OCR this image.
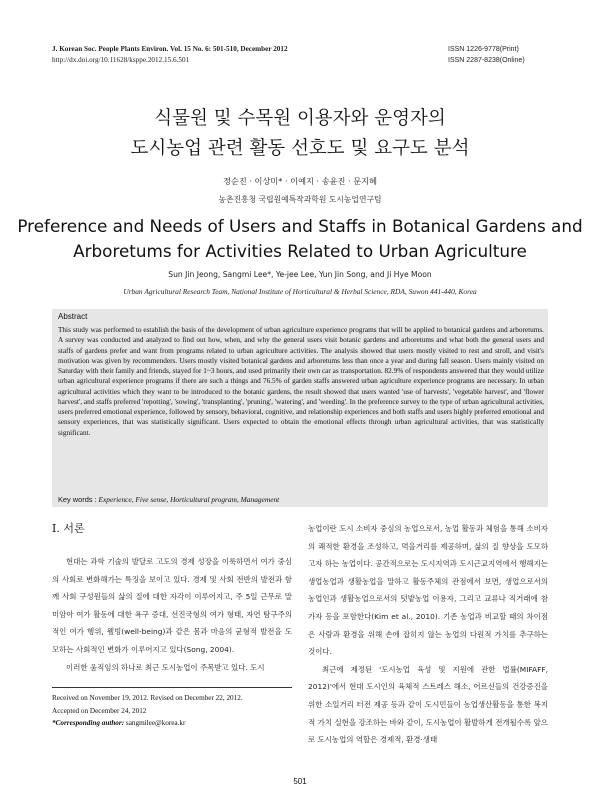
J. Korean Soc. People Plants Environ. Vol. 15 No. 6: 501-510, December 2012
http://dx.doi.org/10.11628/ksppe.2012.15.6.501
ISSN 1226-9778(Print)
ISSN 2287-8238(Online)
식물원 및 수목원 이용자와 운영자의
도시농업 관련 활동 선호도 및 요구도 분석
정순진 · 이상미* · 이예지 · 송윤진 · 문지혜
농촌진흥청 국립원예특작과학원 도시농업연구팀
Preference and Needs of Users and Staffs in Botanical Gardens and
Arboretums for Activities Related to Urban Agriculture
Sun Jin Jeong, Sangmi Lee*, Ye-jee Lee, Yun Jin Song, and Ji Hye Moon
Urban Agricultural Research Team, National Institute of Horticultural & Herbal Science, RDA, Suwon 441-440, Korea
Abstract
This study was performed to establish the basis of the development of urban agriculture experience programs that will be applied to botanical gardens and arboretums. A survey was conducted and analyzed to find out how, when, and why the general users visit botanic gardens and arboretums and what both the general users and staffs of gardens prefer and want from programs related to urban agriculture activities. The analysis showed that users mostly visited to rest and stroll, and visit's motivation was given by recommenders. Users mostly visited botanical gardens and arboretums less than once a year and during fall season. Users mainly visited on Saturday with their family and friends, stayed for 1~3 hours, and used primarily their own car as transportation. 82.9% of respondents answered that they would utilize urban agricultural experience programs if there are such a things and 76.5% of garden staffs answered urban agriculture experience programs are necessary. In urban agricultural activities which they want to be introduced to the botanic gardens, the result showed that users wanted 'use of harvests', 'vegetable harvest', and 'flower harvest', and staffs preferred 'repotting', 'sowing', 'transplanting', 'pruning', 'watering', and 'weeding'. In the preference survey to the type of urban agricultural activities, users preferred emotional experience, followed by sensory, behavioral, cognitive, and relationship experiences and both staffs and users highly preferred emotional and sensory experiences, that was statistically significant. Users expected to obtain the emotional effects through urban agricultural activities, that was statistically significant.
Key words : Experience, Five sense, Horticultural program, Management
Ⅰ. 서론

현대는 과학 기술의 발달로 고도의 경제 성장을 이룩하면서 여가 중심의 사회로 변화해가는 특징을 보이고 있다. 경제 및 사회 전반의 발전과 함께 사회 구성원들의 삶의 질에 대한 자각이 이루어지고, 주 5일 근무로 말미암아 여가 활동에 대한 욕구 증대, 선진국형의 여가 형태, 자연 탐구주의적인 여가 행위, 웰빙(well-being)과 같은 몸과 마음의 균형적 발전을 도모하는 사회적인 변화가 이루어지고 있다(Song, 2004).

이러한 움직임의 하나로 최근 도시농업이 주목받고 있다. 도시

농업이란 도시 소비자 중심의 농업으로서, 농업 활동과 체험을 통해 소비자의 쾌적한 환경을 조성하고, 먹을거리를 제공하며, 삶의 질 향상을 도모하고자 하는 농업이다. 공간적으로는 도시지역과 도시근교지역에서 행해지는 생업농업과 생활농업을 말하고 활동주체의 관점에서 보면, 생업으로서의 농업인과 생활농업으로서의 텃밭농업 이용자, 그리고 교류나 직거래에 참가자 등을 포함한다(Kim et al., 2010). 기존 농업과 비교할 때의 차이점은 사람과 환경을 위해 손에 잡히지 않는 농업의 다원적 가치를 추구하는 것이다.

최근에 제정된 '도시농업 육성 및 지원에 관한 법률(MIFAFF, 2012)'에서 현대 도시인의 육체적 스트레스 해소, 어르신들의 건강증진을 위한 소일거리 터전 제공 등과 같이 도시민들이 농업생산활동을 통한 복지적 가치 실현을 강조하는 바와 같이, 도시농업이 활발하게 전개될수록 앞으로 도시농업의 역할은 경제적, 환경·생태

Received on November 19, 2012. Revised on December 22, 2012.
Accepted on December 24, 2012
*Corresponding author: sangmilee@korea.kr
501
